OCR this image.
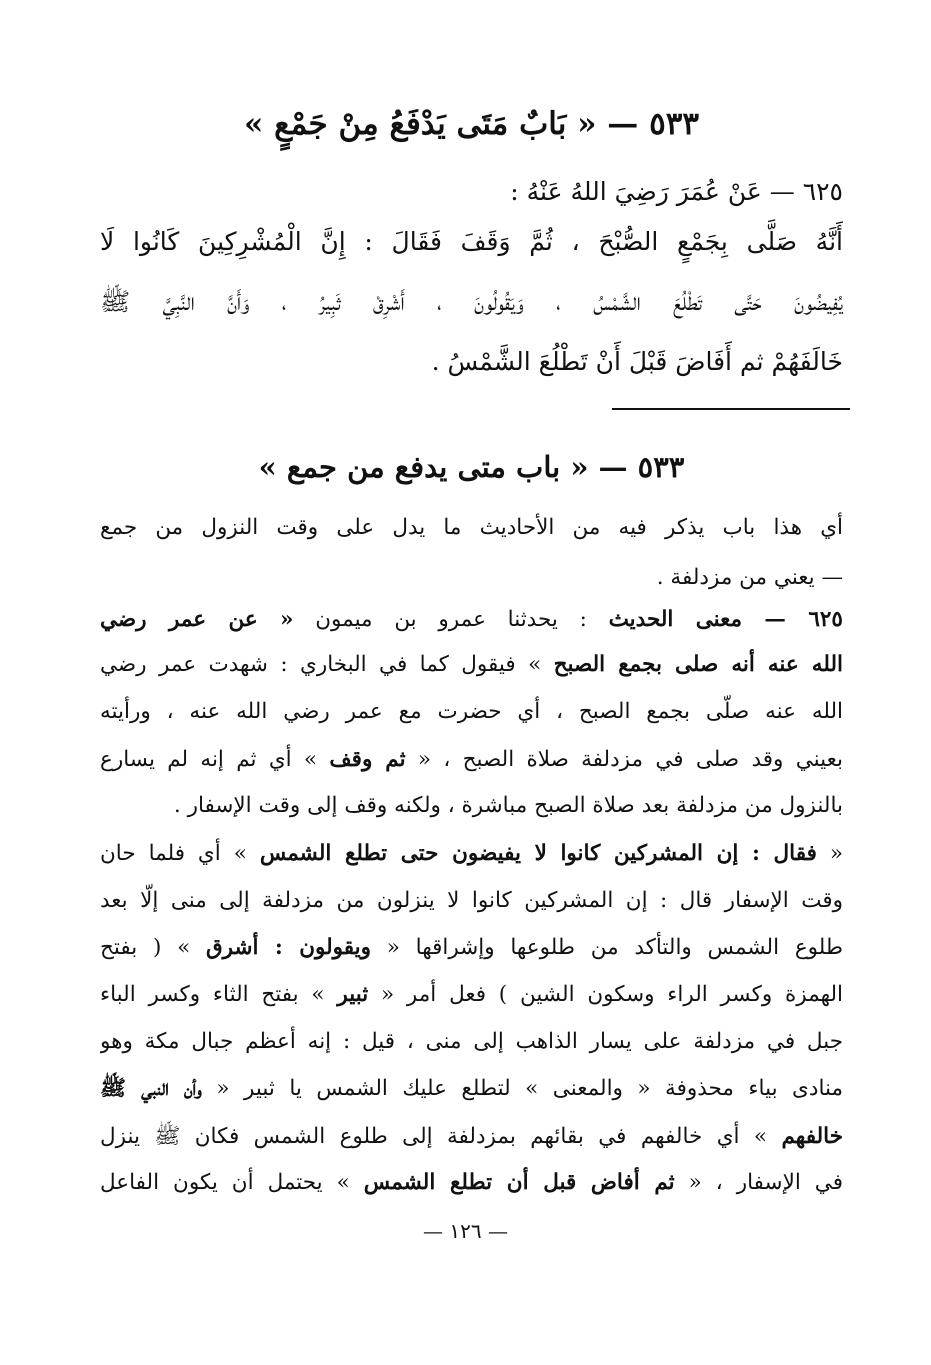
٥٣٣ — « بَابٌ مَتَى يَدْفَعُ مِنْ جَمْعٍ »
٦٢٥ — عَنْ عُمَرَ رَضِيَ اللهُ عَنْهُ :
أَنَّهُ صَلَّى بِجَمْعٍ الصُّبْحَ ، ثُمَّ وَقَفَ فَقَالَ : إِنَّ الْمُشْرِكِينَ كَانُوا لَا
يُفِيضُونَ حَتَّى تَطْلُعَ الشَّمْسُ ، وَيَقُولُونَ ، أَشْرِقْ ثَبِيرُ ، وَأَنَّ النَّبِيَّ ﷺ
خَالَفَهُمْ ثم أَفَاضَ قَبْلَ أَنْ تَطْلُعَ الشَّمْسُ .
٥٣٣ — « باب متى يدفع من جمع »
أي هذا باب يذكر فيه من الأحاديث ما يدل على وقت النزول من جمع
— يعني من مزدلفة .
٦٢٥ — معنى الحديث : يحدثنا عمرو بن ميمون « عن عمر رضي
الله عنه أنه صلى بجمع الصبح » فيقول كما في البخاري : شهدت عمر رضي
الله عنه صلّى بجمع الصبح ، أي حضرت مع عمر رضي الله عنه ، ورأيته
بعيني وقد صلى في مزدلفة صلاة الصبح ، « ثم وقف » أي ثم إنه لم يسارع
بالنزول من مزدلفة بعد صلاة الصبح مباشرة ، ولكنه وقف إلى وقت الإسفار .
« فقال : إن المشركين كانوا لا يفيضون حتى تطلع الشمس » أي فلما حان
وقت الإسفار قال : إن المشركين كانوا لا ينزلون من مزدلفة إلى منى إلّا بعد
طلوع الشمس والتأكد من طلوعها وإشراقها « ويقولون : أشرق » ( بفتح
الهمزة وكسر الراء وسكون الشين ) فعل أمر « ثبير » بفتح الثاء وكسر الباء
جبل في مزدلفة على يسار الذاهب إلى منى ، قيل : إنه أعظم جبال مكة وهو
منادى بياء محذوفة « والمعنى » لتطلع عليك الشمس يا ثبير « وأن النبي ﷺ
خالفهم » أي خالفهم في بقائهم بمزدلفة إلى طلوع الشمس فكان ﷺ ينزل
في الإسفار ، « ثم أفاض قبل أن تطلع الشمس » يحتمل أن يكون الفاعل
— ١٢٦ —
